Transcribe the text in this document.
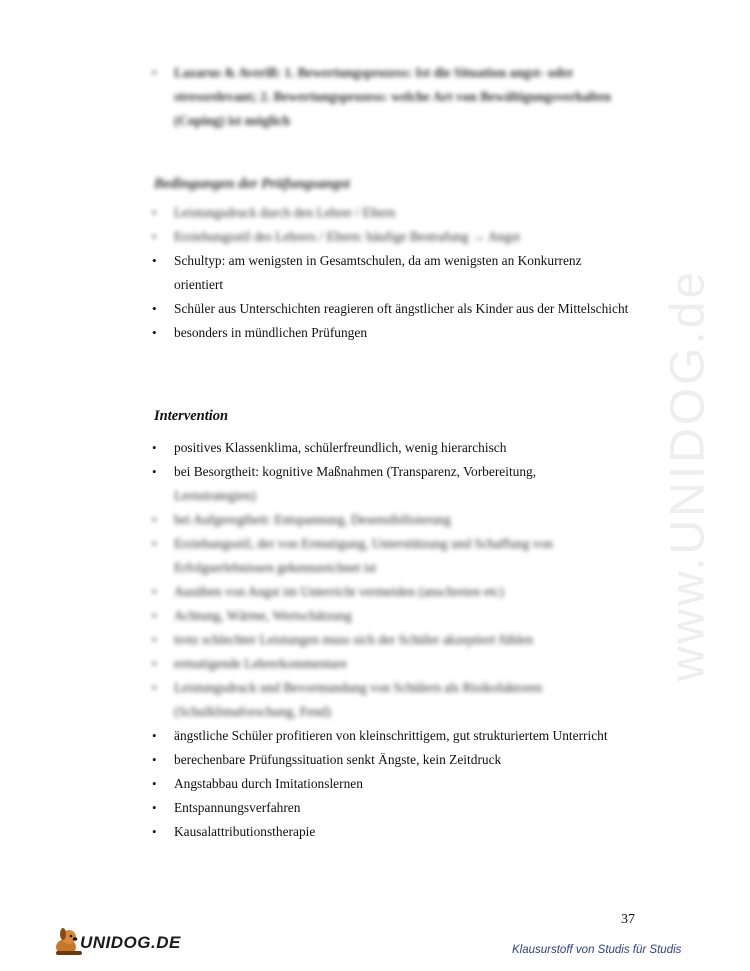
www.UNIDOG.de
• Lazarus & Averill: 1. Bewertungsprozess: Ist die Situation angst- oder stressrelevant; 2. Bewertungsprozess: welche Art von Bewältigungsverhalten (Coping) ist möglich
Bedingungen der Prüfungsangst
• Leistungsdruck durch den Lehrer / Eltern
• Erziehungsstil des Lehrers / Eltern: häufige Bestrafung → Angst
• Schultyp: am wenigsten in Gesamtschulen, da am wenigsten an Konkurrenz orientiert
• Schüler aus Unterschichten reagieren oft ängstlicher als Kinder aus der Mittelschicht
• besonders in mündlichen Prüfungen
Intervention
• positives Klassenklima, schülerfreundlich, wenig hierarchisch
• bei Besorgtheit: kognitive Maßnahmen (Transparenz, Vorbereitung,
Lernstrategien)
• bei Aufgeregtheit: Entspannung, Desensibilisierung
• Erziehungsstil, der von Ermutigung, Unterstützung und Schaffung von Erfolgserlebnissen gekennzeichnet ist
• Ausüben von Angst im Unterricht vermeiden (anschreien etc)
• Achtung, Wärme, Wertschätzung
• trotz schlechter Leistungen muss sich der Schüler akzeptiert fühlen
• ermutigende Lehrerkommentare
• Leistungsdruck und Bevormundung von Schülern als Risikofaktoren (Schulklimaforschung, Fend)
• ängstliche Schüler profitieren von kleinschrittigem, gut strukturiertem Unterricht
• berechenbare Prüfungssituation senkt Ängste, kein Zeitdruck
• Angstabbau durch Imitationslernen
• Entspannungsverfahren
• Kausalattributionstherapie
37
UNIDOG.DE	Klausurstoff von Studis für Studis
